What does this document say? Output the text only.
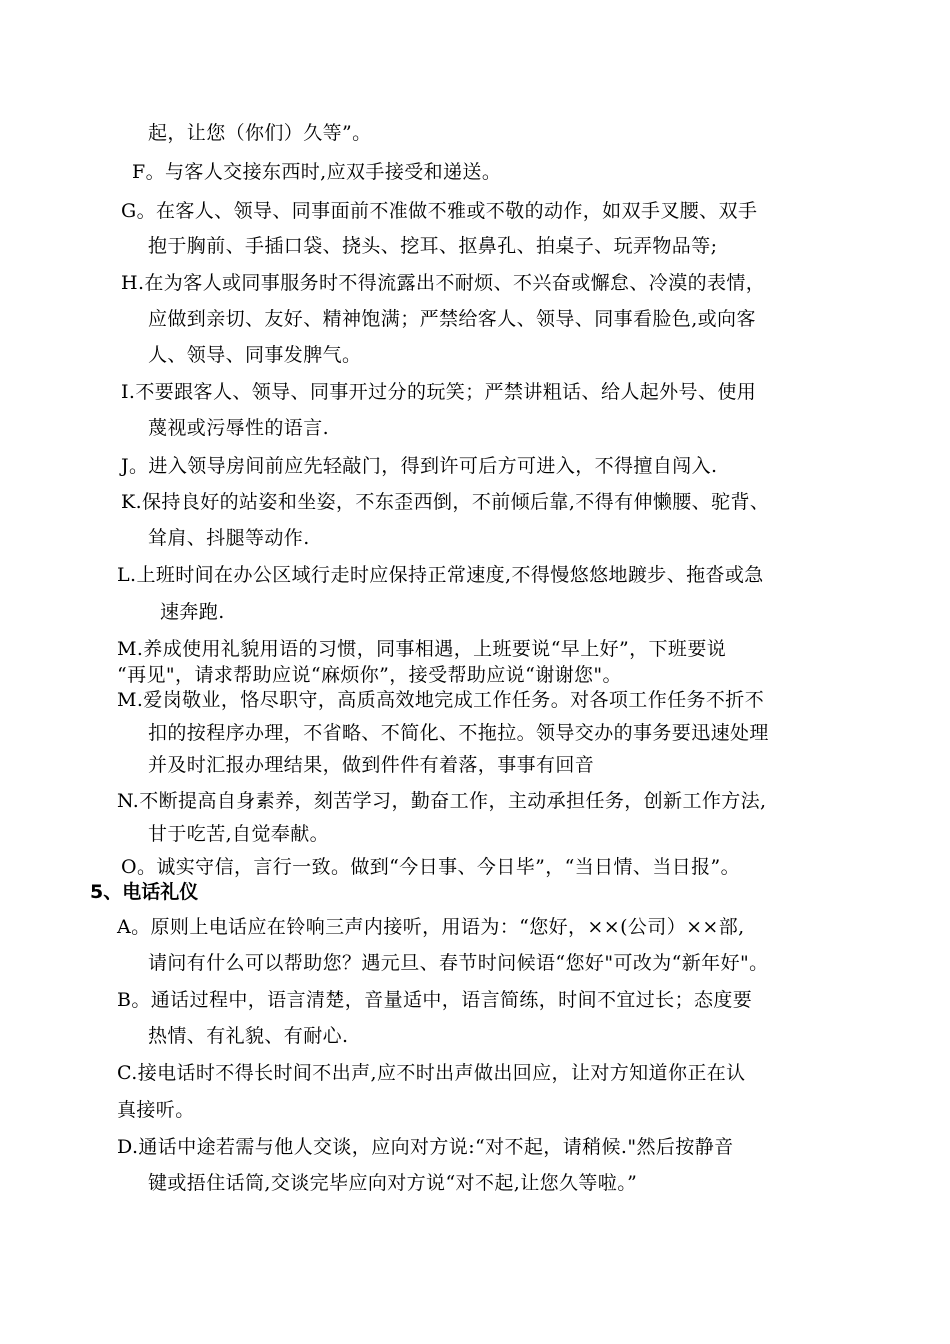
起，让您（你们）久等”。
F。与客人交接东西时,应双手接受和递送。
G。在客人、领导、同事面前不准做不雅或不敬的动作，如双手叉腰、双手
抱于胸前、手插口袋、挠头、挖耳、抠鼻孔、拍桌子、玩弄物品等;
H.在为客人或同事服务时不得流露出不耐烦、不兴奋或懈怠、冷漠的表情，
应做到亲切、友好、精神饱满；严禁给客人、领导、同事看脸色,或向客
人、领导、同事发脾气。
I.不要跟客人、领导、同事开过分的玩笑；严禁讲粗话、给人起外号、使用
蔑视或污辱性的语言.
J。进入领导房间前应先轻敲门，得到许可后方可进入，不得擅自闯入.
K.保持良好的站姿和坐姿，不东歪西倒，不前倾后靠,不得有伸懒腰、驼背、
耸肩、抖腿等动作.
L.上班时间在办公区域行走时应保持正常速度,不得慢悠悠地踱步、拖沓或急
速奔跑.
M.养成使用礼貌用语的习惯，同事相遇，上班要说“早上好”，下班要说
“再见"，请求帮助应说“麻烦你”，接受帮助应说“谢谢您"。
M.爱岗敬业，恪尽职守，高质高效地完成工作任务。对各项工作任务不折不
扣的按程序办理，不省略、不简化、不拖拉。领导交办的事务要迅速处理
并及时汇报办理结果，做到件件有着落，事事有回音
N.不断提高自身素养，刻苦学习，勤奋工作，主动承担任务，创新工作方法,
甘于吃苦,自觉奉献。
O。诚实守信，言行一致。做到“今日事、今日毕”，“当日情、当日报”。
5、电话礼仪
A。原则上电话应在铃响三声内接听，用语为：“您好，××(公司）××部,
请问有什么可以帮助您？遇元旦、春节时问候语“您好"可改为“新年好"。
B。通话过程中，语言清楚，音量适中，语言简练，时间不宜过长；态度要
热情、有礼貌、有耐心.
C.接电话时不得长时间不出声,应不时出声做出回应，让对方知道你正在认
真接听。
D.通话中途若需与他人交谈，应向对方说:“对不起，请稍候."然后按静音
键或捂住话筒,交谈完毕应向对方说“对不起,让您久等啦。”
